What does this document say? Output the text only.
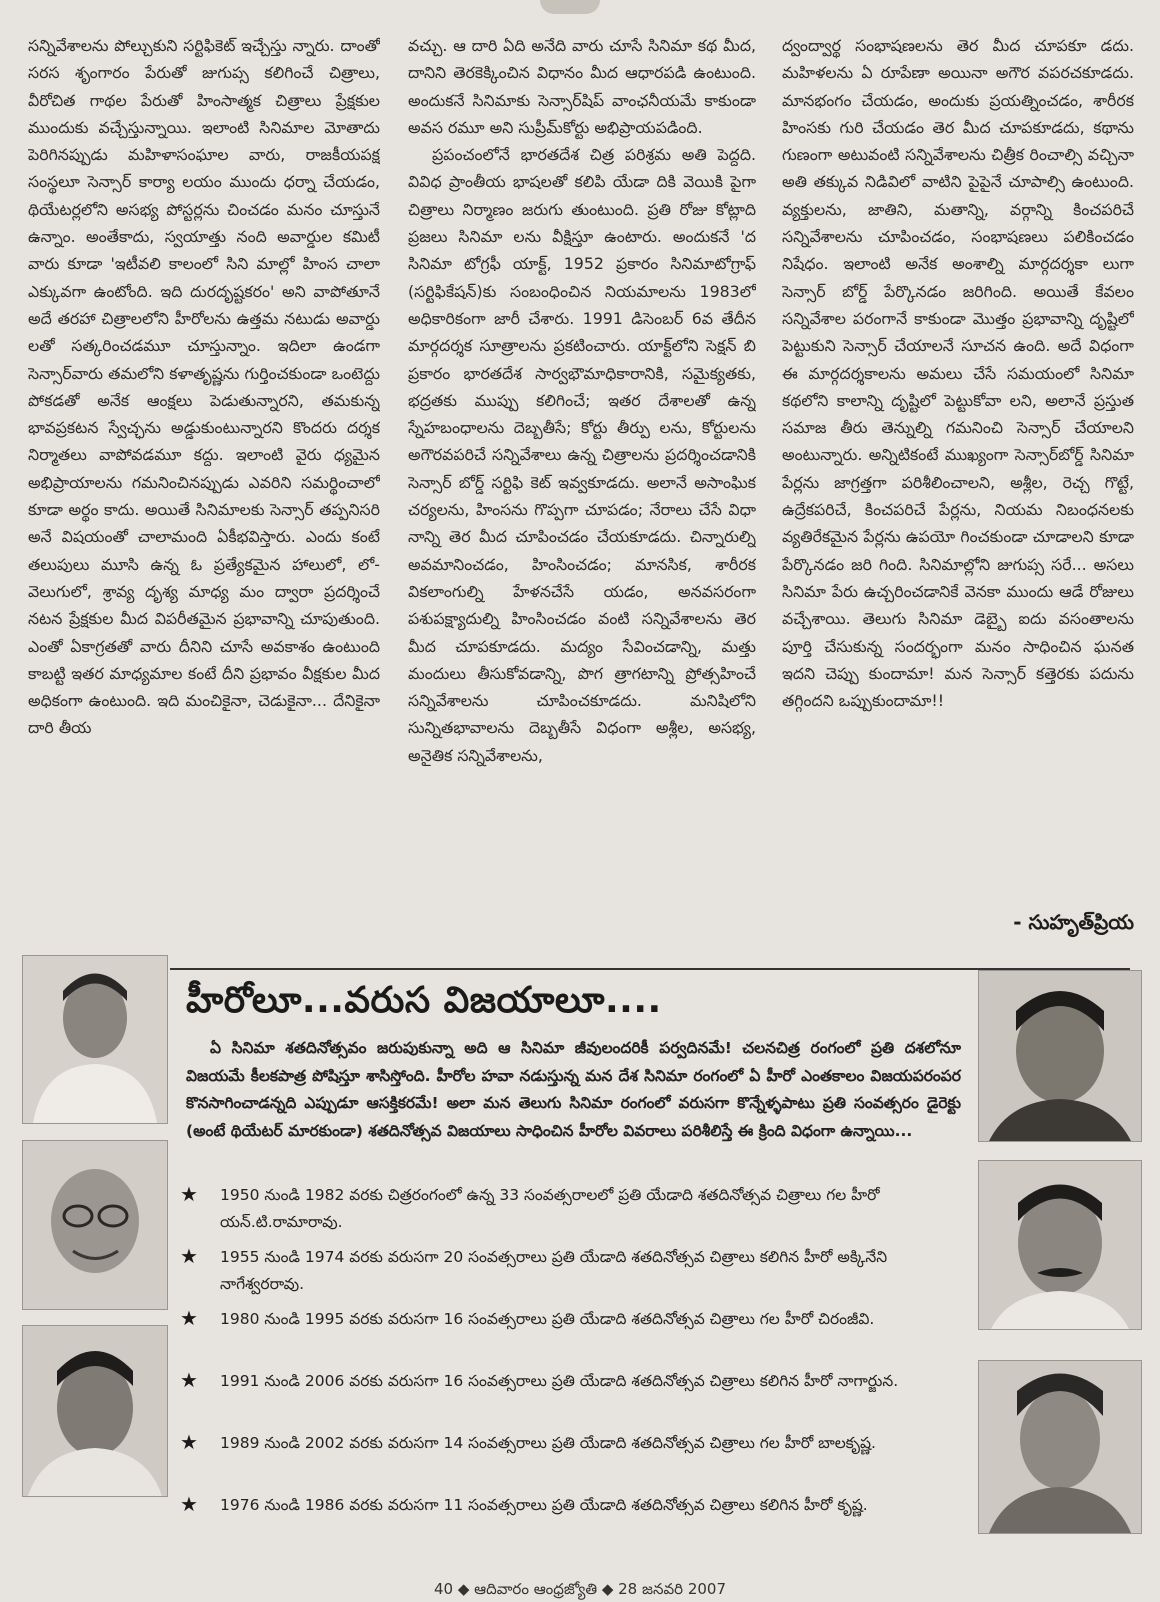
సన్నివేశాలను పోల్చుకుని సర్టిఫికెట్ ఇచ్చేస్తు న్నారు. దాంతో సరస శృంగారం పేరుతో జుగుప్స కలిగించే చిత్రాలు, వీరోచిత గాథల పేరుతో హింసాత్మక చిత్రాలు ప్రేక్షకుల ముందుకు వచ్చేస్తున్నాయి. ఇలాంటి సినిమాల మోతాదు పెరిగినప్పుడు మహిళాసంఘాల వారు, రాజకీయపక్ష సంస్థలూ సెన్సార్ కార్యా లయం ముందు ధర్నా చేయడం, థియేటర్లలోని అసభ్య పోస్టర్లను చించడం మనం చూస్తునే ఉన్నాం. అంతేకాదు, స్వయాత్తు నంది అవార్డుల కమిటీ వారు కూడా 'ఇటీవలి కాలంలో సిని మాల్లో హింస చాలా ఎక్కువగా ఉంటోంది. ఇది దురదృష్టకరం' అని వాపోతూనే అదే తరహా చిత్రాలలోని హీరోలను ఉత్తమ నటుడు అవార్డు లతో సత్కరించడమూ చూస్తున్నాం. ఇదిలా ఉండగా సెన్సార్‌వారు తమలోని కళాతృష్ణను గుర్తించకుండా ఒంటెద్దు పోకడతో అనేక ఆంక్షలు పెడుతున్నారని, తమకున్న భావప్రకటన స్వేచ్ఛను అడ్డుకుంటున్నారని కొందరు దర్శక నిర్మాతలు వాపోవడమూ కద్దు. ఇలాంటి వైరు ధ్యమైన అభిప్రాయాలను గమనించినప్పుడు ఎవరిని సమర్థించాలో కూడా అర్థం కాదు. అయితే సినిమాలకు సెన్సార్ తప్పనిసరి అనే విషయంతో చాలామంది ఏకీభవిస్తారు. ఎందు కంటే తలుపులు మూసి ఉన్న ఓ ప్రత్యేకమైన హాలులో, లో- వెలుగులో, శ్రావ్య దృశ్య మాధ్య మం ద్వారా ప్రదర్శించే నటన ప్రేక్షకుల మీద విపరీతమైన ప్రభావాన్ని చూపుతుంది. ఎంతో ఏకాగ్రతతో వారు దీనిని చూసే అవకాశం ఉంటుంది కాబట్టి ఇతర మాధ్యమాల కంటే దీని ప్రభావం వీక్షకుల మీద అధికంగా ఉంటుంది. ఇది మంచికైనా, చెడుకైనా... దేనికైనా దారి తీయ

వచ్చు. ఆ దారి ఏది అనేది వారు చూసే సినిమా కథ మీద, దానిని తెరకెక్కించిన విధానం మీద ఆధారపడి ఉంటుంది. అందుకనే సినిమాకు సెన్సార్‌షిప్ వాంఛనీయమే కాకుండా అవస రమూ అని సుప్రీమ్‌కోర్టు అభిప్రాయపడింది.

ప్రపంచంలోనే భారతదేశ చిత్ర పరిశ్రమ అతి పెద్దది. వివిధ ప్రాంతీయ భాషలతో కలిపి యేడా దికి వెయికి పైగా చిత్రాలు నిర్మాణం జరుగు తుంటుంది. ప్రతి రోజు కోట్లాది ప్రజలు సినిమా లను వీక్షిస్తూ ఉంటారు. అందుకనే 'ద సినిమా టోగ్రఫీ యాక్ట్, 1952 ప్రకారం సినిమాటోగ్రాఫ్ (సర్టిఫికేషన్)కు సంబంధించిన నియమాలను 1983లో అధికారికంగా జారీ చేశారు. 1991 డిసెంబర్ 6వ తేదీన మార్గదర్శక సూత్రాలను ప్రకటించారు. యాక్ట్‌లోని సెక్షన్ బి ప్రకారం భారతదేశ సార్వభౌమాధికారానికి, సమైక్యతకు, భద్రతకు ముప్పు కలిగించే; ఇతర దేశాలతో ఉన్న స్నేహబంధాలను దెబ్బతీసే; కోర్టు తీర్పు లను, కోర్టులను అగౌరవపరిచే సన్నివేశాలు ఉన్న చిత్రాలను ప్రదర్శించడానికి సెన్సార్ బోర్డ్ సర్టిఫి కెట్ ఇవ్వకూడదు. అలానే అసాంఘిక చర్యలను, హింసను గొప్పగా చూపడం; నేరాలు చేసే విధా నాన్ని తెర మీద చూపించడం చేయకూడదు. చిన్నారుల్ని అవమానించడం, హింసించడం; మానసిక, శారీరక వికలాంగుల్ని హేళనచేసే యడం, అనవసరంగా పశుపక్ష్యాదుల్ని హింసించడం వంటి సన్నివేశాలను తెర మీద చూపకూడదు. మద్యం సేవించడాన్ని, మత్తు మందులు తీసుకోవడాన్ని, పొగ త్రాగటాన్ని ప్రోత్సహించే సన్నివేశాలను చూపించకూడదు. మనిషిలోని సున్నితభావాలను దెబ్బతీసే విధంగా అశ్లీల, అసభ్య, అనైతిక సన్నివేశాలను,

ద్వంద్వార్థ సంభాషణలను తెర మీద చూపకూ డదు. మహిళలను ఏ రూపేణా అయినా అగౌర వపరచకూడదు. మానభంగం చేయడం, అందుకు ప్రయత్నించడం, శారీరక హింసకు గురి చేయడం తెర మీద చూపకూడదు, కథాను గుణంగా అటువంటి సన్నివేశాలను చిత్రీక రించాల్సి వచ్చినా అతి తక్కువ నిడివిలో వాటిని పైపైనే చూపాల్సి ఉంటుంది. వ్యక్తులను, జాతిని, మతాన్ని, వర్గాన్ని కించపరిచే సన్నివేశాలను చూపించడం, సంభాషణలు పలికించడం నిషేధం. ఇలాంటి అనేక అంశాల్ని మార్గదర్శకా లుగా సెన్సార్ బోర్డ్ పేర్కొనడం జరిగింది. అయితే కేవలం సన్నివేశాల పరంగానే కాకుండా మొత్తం ప్రభావాన్ని దృష్టిలో పెట్టుకుని సెన్సార్ చేయాలనే సూచన ఉంది. అదే విధంగా ఈ మార్గదర్శకాలను అమలు చేసే సమయంలో సినిమా కథలోని కాలాన్ని దృష్టిలో పెట్టుకోవా లని, అలానే ప్రస్తుత సమాజ తీరు తెన్నుల్ని గమనించి సెన్సార్ చేయాలని అంటున్నారు. అన్నిటికంటే ముఖ్యంగా సెన్సార్‌బోర్డ్ సినిమా పేర్లను జాగ్రత్తగా పరిశీలించాలని, అశ్లీల, రెచ్చ గొట్టే, ఉద్రేకపరిచే, కించపరిచే పేర్లను, నియమ నిబంధనలకు వ్యతిరేకమైన పేర్లను ఉపయో గించకుండా చూడాలని కూడా పేర్కొనడం జరి గింది. సినిమాల్లోని జుగుప్స సరే... అసలు సినిమా పేరు ఉచ్చరించడానికే వెనకా ముందు ఆడే రోజులు వచ్చేశాయి. తెలుగు సినిమా డెబ్బై ఐదు వసంతాలను పూర్తి చేసుకున్న సందర్భంగా మనం సాధించిన ఘనత ఇదని చెప్పు కుందామా! మన సెన్సార్ కత్తెరకు పదును తగ్గిందని ఒప్పుకుందామా!!

- సుహృత్‌ప్రియ
హీరోలూ...వరుస విజయాలూ....
ఏ సినిమా శతదినోత్సవం జరుపుకున్నా అది ఆ సినిమా జీవులందరికీ పర్వదినమే! చలనచిత్ర రంగంలో ప్రతి దశలోనూ విజయమే కీలకపాత్ర పోషిస్తూ శాసిస్తోంది. హీరోల హవా నడుస్తున్న మన దేశ సినిమా రంగంలో ఏ హీరో ఎంతకాలం విజయపరంపర కొనసాగించాడన్నది ఎప్పుడూ ఆసక్తికరమే! అలా మన తెలుగు సినిమా రంగంలో వరుసగా కొన్నేళ్ళపాటు ప్రతి సంవత్సరం డైరెక్టు (అంటే థియేటర్ మారకుండా) శతదినోత్సవ విజయాలు సాధించిన హీరోల వివరాలు పరిశీలిస్తే ఈ క్రింది విధంగా ఉన్నాయి...
★ 1950 నుండి 1982 వరకు చిత్రరంగంలో ఉన్న 33 సంవత్సరాలలో ప్రతి యేడాది శతదినోత్సవ చిత్రాలు గల హీరో యన్.టి.రామారావు.
★ 1955 నుండి 1974 వరకు వరుసగా 20 సంవత్సరాలు ప్రతి యేడాది శతదినోత్సవ చిత్రాలు కలిగిన హీరో అక్కినేని నాగేశ్వరరావు.
★ 1980 నుండి 1995 వరకు వరుసగా 16 సంవత్సరాలు ప్రతి యేడాది శతదినోత్సవ చిత్రాలు గల హీరో చిరంజీవి.
★ 1991 నుండి 2006 వరకు వరుసగా 16 సంవత్సరాలు ప్రతి యేడాది శతదినోత్సవ చిత్రాలు కలిగిన హీరో నాగార్జున.
★ 1989 నుండి 2002 వరకు వరుసగా 14 సంవత్సరాలు ప్రతి యేడాది శతదినోత్సవ చిత్రాలు గల హీరో బాలకృష్ణ.
★ 1976 నుండి 1986 వరకు వరుసగా 11 సంవత్సరాలు ప్రతి యేడాది శతదినోత్సవ చిత్రాలు కలిగిన హీరో కృష్ణ.
40 ◆ ఆదివారం ఆంధ్రజ్యోతి ◆ 28 జనవరి 2007
